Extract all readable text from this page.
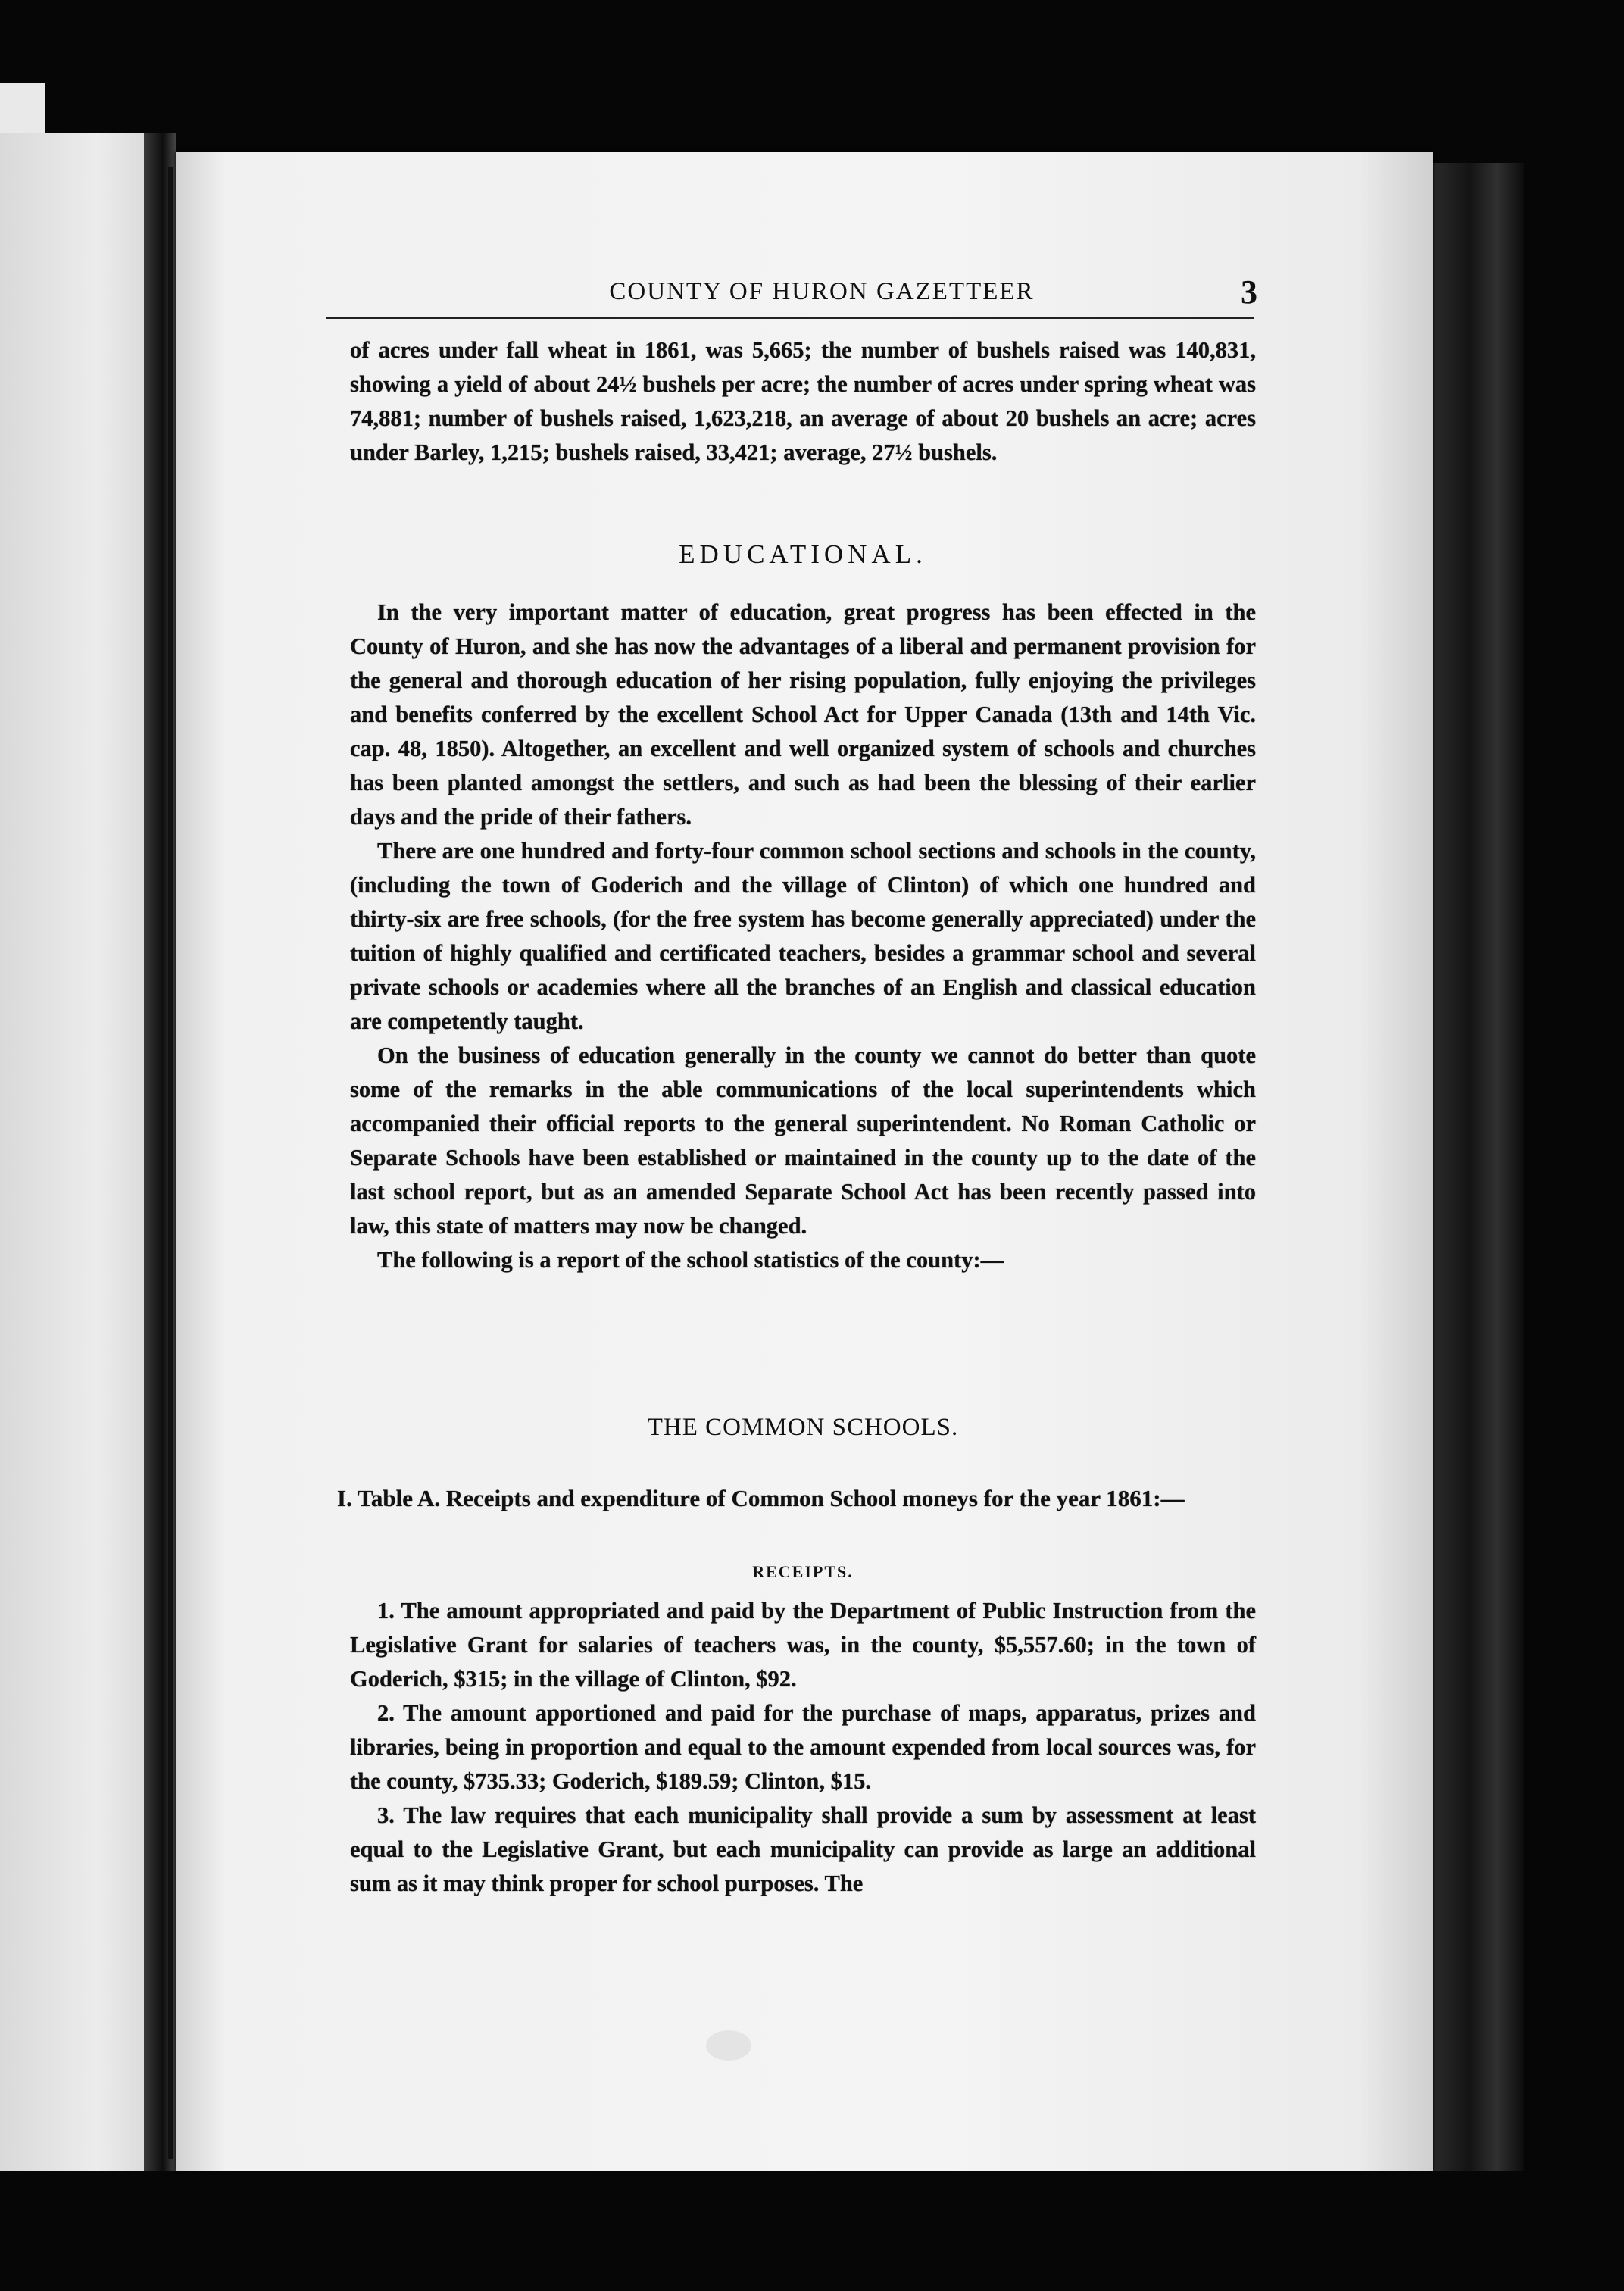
COUNTY OF HURON GAZETTEER	3

of acres under fall wheat in 1861, was 5,665; the number of bushels raised was 140,831, showing a yield of about 24½ bushels per acre; the number of acres under spring wheat was 74,881; number of bushels raised, 1,623,218, an average of about 20 bushels an acre; acres under Barley, 1,215; bushels raised, 33,421; average, 27½ bushels.

EDUCATIONAL.

In the very important matter of education, great progress has been effected in the County of Huron, and she has now the advantages of a liberal and permanent provision for the general and thorough education of her rising population, fully enjoying the privileges and benefits conferred by the excellent School Act for Upper Canada (13th and 14th Vic. cap. 48, 1850). Altogether, an excellent and well organized system of schools and churches has been planted amongst the settlers, and such as had been the blessing of their earlier days and the pride of their fathers.

There are one hundred and forty-four common school sections and schools in the county, (including the town of Goderich and the village of Clinton) of which one hundred and thirty-six are free schools, (for the free system has become generally appreciated) under the tuition of highly qualified and certificated teachers, besides a grammar school and several private schools or academies where all the branches of an English and classical education are competently taught.

On the business of education generally in the county we cannot do better than quote some of the remarks in the able communications of the local superintendents which accompanied their official reports to the general superintendent. No Roman Catholic or Separate Schools have been established or maintained in the county up to the date of the last school report, but as an amended Separate School Act has been recently passed into law, this state of matters may now be changed.

The following is a report of the school statistics of the county:—

THE COMMON SCHOOLS.
I. Table A. Receipts and expenditure of Common School moneys for the year 1861:—
RECEIPTS.

1. The amount appropriated and paid by the Department of Public Instruction from the Legislative Grant for salaries of teachers was, in the county, $5,557.60; in the town of Goderich, $315; in the village of Clinton, $92.

2. The amount apportioned and paid for the purchase of maps, apparatus, prizes and libraries, being in proportion and equal to the amount expended from local sources was, for the county, $735.33; Goderich, $189.59; Clinton, $15.

3. The law requires that each municipality shall provide a sum by assessment at least equal to the Legislative Grant, but each municipality can provide as large an additional sum as it may think proper for school purposes. The
